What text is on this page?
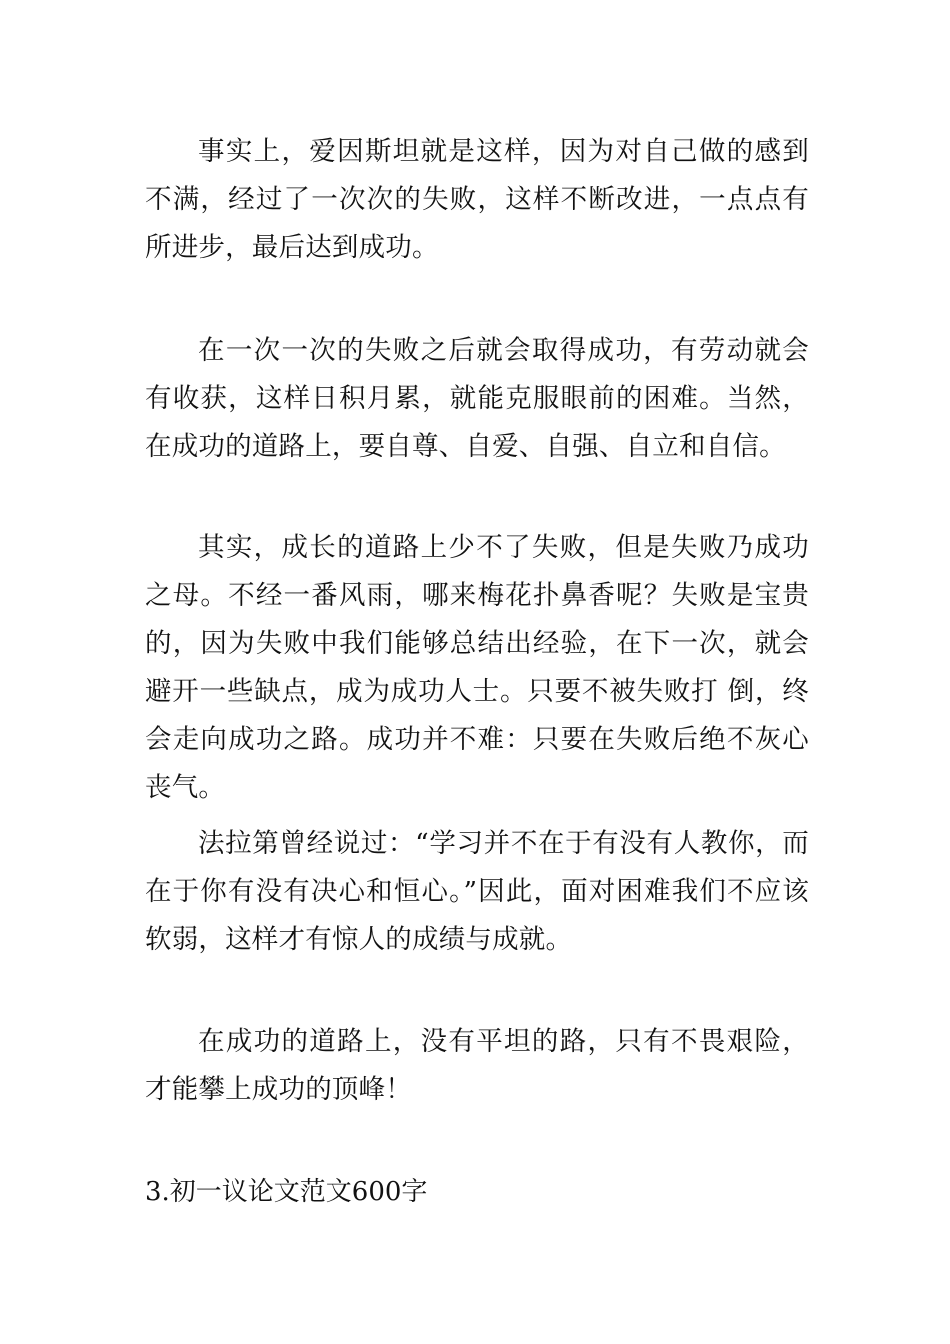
事实上，爱因斯坦就是这样，因为对自己做的感到不满，经过了一次次的失败，这样不断改进，一点点有所进步，最后达到成功。

在一次一次的失败之后就会取得成功，有劳动就会有收获，这样日积月累，就能克服眼前的困难。当然，在成功的道路上，要自尊、自爱、自强、自立和自信。

其实，成长的道路上少不了失败，但是失败乃成功之母。不经一番风雨，哪来梅花扑鼻香呢？失败是宝贵的，因为失败中我们能够总结出经验，在下一次，就会避开一些缺点，成为成功人士。只要不被失败打 倒，终会走向成功之路。成功并不难：只要在失败后绝不灰心丧气。

法拉第曾经说过：“学习并不在于有没有人教你，而在于你有没有决心和恒心。”因此，面对困难我们不应该软弱，这样才有惊人的成绩与成就。

在成功的道路上，没有平坦的路，只有不畏艰险，才能攀上成功的顶峰！

3.初一议论文范文600字
